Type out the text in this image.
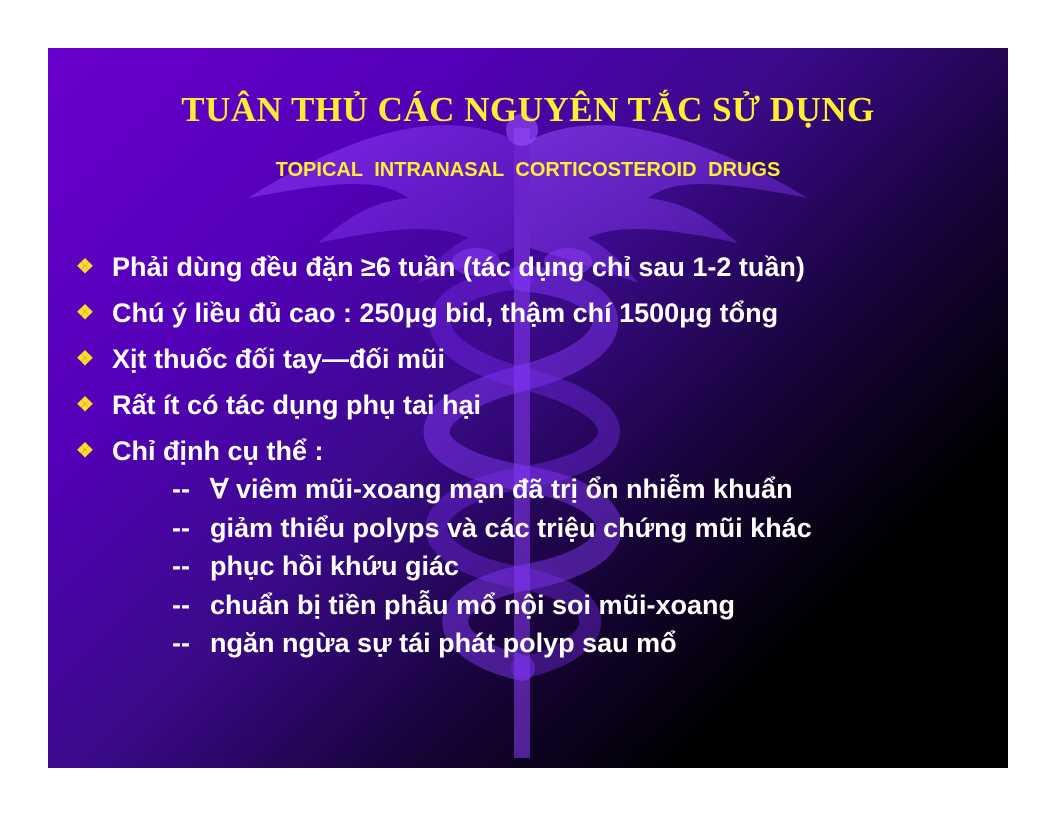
TUÂN THỦ CÁC NGUYÊN TẮC SỬ DỤNG
TOPICAL INTRANASAL CORTICOSTEROID DRUGS
❖ Phải dùng đều đặn ≥6 tuần (tác dụng chỉ sau 1-2 tuần)
❖ Chú ý liều đủ cao : 250μg bid, thậm chí 1500μg tổng
❖ Xịt thuốc đối tay—đối mũi
❖ Rất ít có tác dụng phụ tai hại
❖ Chỉ định cụ thể :
-- ∀ viêm mũi-xoang mạn đã trị ổn nhiễm khuẩn
-- giảm thiểu polyps và các triệu chứng mũi khác
-- phục hồi khứu giác
-- chuẩn bị tiền phẫu mổ nội soi mũi-xoang
-- ngăn ngừa sự tái phát polyp sau mổ
